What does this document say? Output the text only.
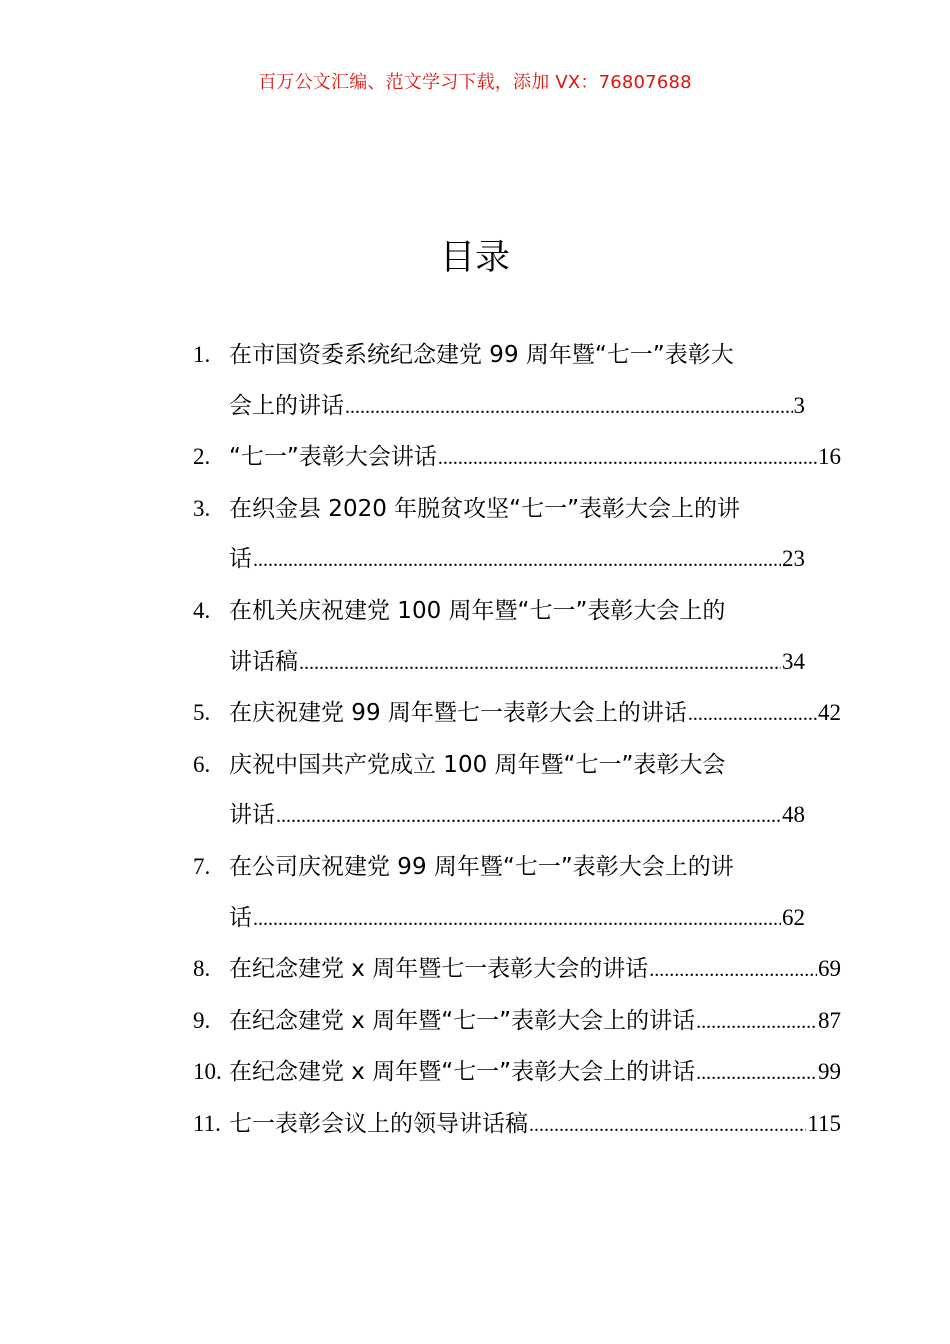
百万公文汇编、范文学习下载，添加 VX：76807688
目录
1. 在市国资委系统纪念建党 99 周年暨“七一”表彰大
会上的讲话 .....	3
2. “七一”表彰大会讲话 .....	16
3. 在织金县 2020 年脱贫攻坚“七一”表彰大会上的讲
话 .....	23
4. 在机关庆祝建党 100 周年暨“七一”表彰大会上的
讲话稿 .....	34
5. 在庆祝建党 99 周年暨七一表彰大会上的讲话 .....	42
6. 庆祝中国共产党成立 100 周年暨“七一”表彰大会
讲话 .....	48
7. 在公司庆祝建党 99 周年暨“七一”表彰大会上的讲
话 .....	62
8. 在纪念建党 x 周年暨七一表彰大会的讲话 .....	69
9. 在纪念建党 x 周年暨“七一”表彰大会上的讲话 .....	87
10. 在纪念建党 x 周年暨“七一”表彰大会上的讲话 .....	99
11. 七一表彰会议上的领导讲话稿 .....	115
